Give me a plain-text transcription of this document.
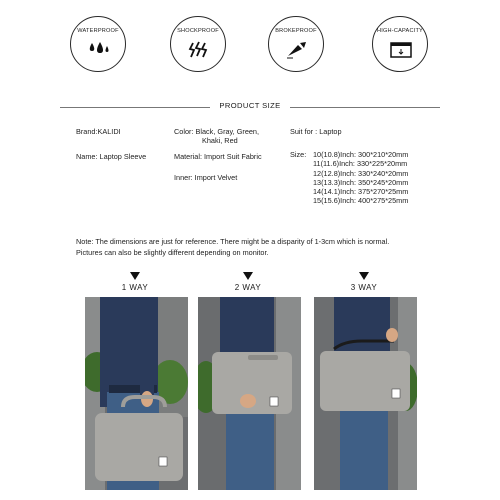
WATERPROOF	SHOCKPROOF	BROKEPROOF	HIGH-CAPACITY
PRODUCT SIZE
Brand:KALIDI
Name: Laptop Sleeve
Color: Black, Gray, Green,
Khaki, Red
Material: Import Suit Fabric
Inner: Import Velvet
Suit for : Laptop
Size: 10(10.8)Inch: 300*210*20mm
11(11.6)Inch: 330*225*20mm
12(12.8)Inch: 330*240*20mm
13(13.3)Inch: 350*245*20mm
14(14.1)Inch: 375*270*25mm
15(15.6)Inch: 400*275*25mm
Note: The dimensions are just for reference. There might be a disparity of 1-3cm which is normal.
Pictures can also be slightly different depending on monitor.
1 WAY	2 WAY	3 WAY
